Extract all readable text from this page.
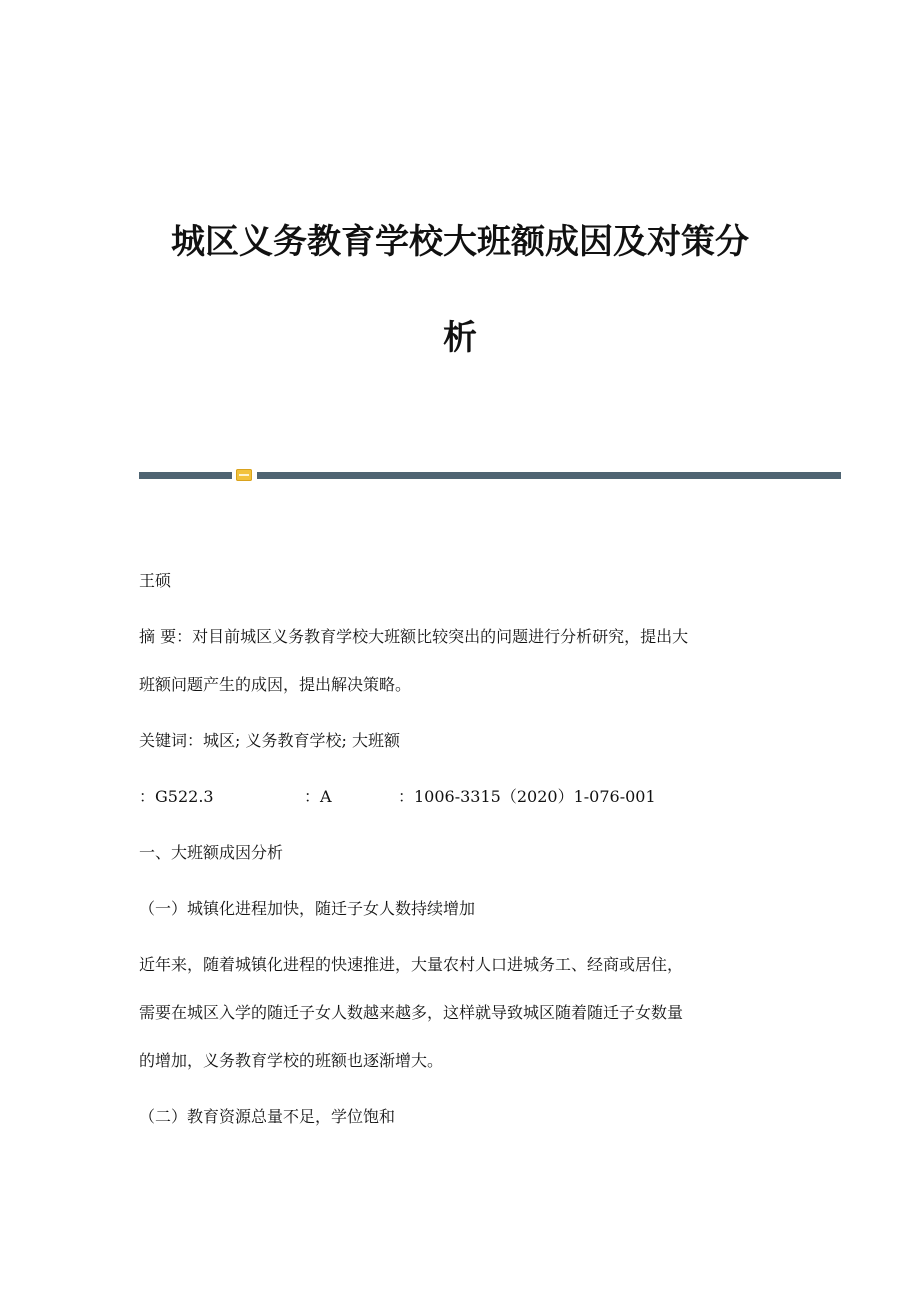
城区义务教育学校大班额成因及对策分
析

王硕

摘 要：对目前城区义务教育学校大班额比较突出的问题进行分析研究，提出大

班额问题产生的成因，提出解决策略。

关键词：城区; 义务教育学校; 大班额

：G522.3	：A	：1006-3315（2020）1-076-001

一、大班额成因分析

（一）城镇化进程加快，随迁子女人数持续增加

近年来，随着城镇化进程的快速推进，大量农村人口进城务工、经商或居住，

需要在城区入学的随迁子女人数越来越多，这样就导致城区随着随迁子女数量

的增加，义务教育学校的班额也逐渐增大。

（二）教育资源总量不足，学位饱和
